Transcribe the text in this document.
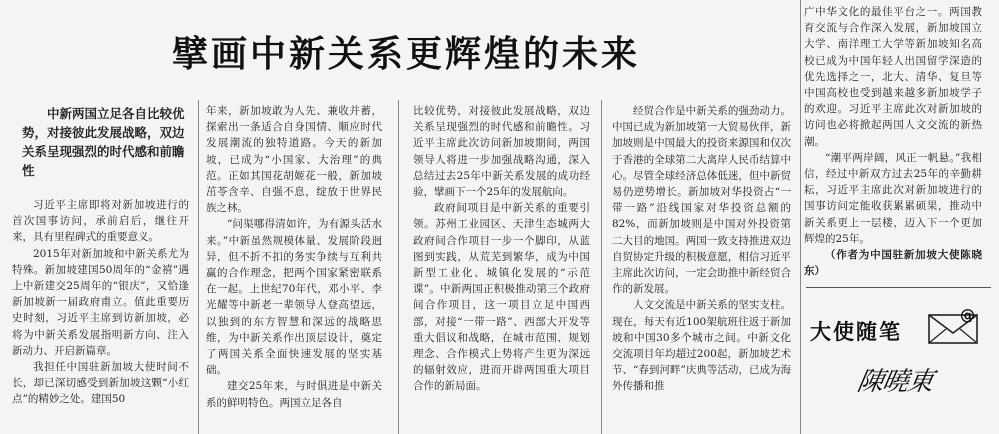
擘画中新关系更辉煌的未来
中新两国立足各自比较优势，对接彼此发展战略，双边关系呈现强烈的时代感和前瞻性

习近平主席即将对新加坡进行的首次国事访问，承前启后，继往开来，具有里程碑式的重要意义。

2015年对新加坡和中新关系尤为特殊。新加坡建国50周年的“金禧”遇上中新建交25周年的“银庆”，又恰逢新加坡新一届政府甫立。值此重要历史时刻，习近平主席到访新加坡，必将为中新关系发展指明新方向、注入新动力、开启新篇章。

我担任中国驻新加坡大使时间不长，却已深切感受到新加坡这颗“小红点”的精妙之处。建国50

年来，新加坡敢为人先、兼收并蓄，探索出一条适合自身国情、顺应时代发展潮流的独特道路。今天的新加坡，已成为“小国家、大治理”的典范。正如其国花胡姬花一般，新加坡茁苓含辛、自强不息，绽放于世界民族之林。

“问渠哪得清如许，为有源头活水来。”中新虽然规模体量、发展阶段迥异，但不折不扣的务实争续与互利共赢的合作理念，把两个国家紧密联系在一起。上世纪70年代，邓小平、李光耀等中新老一辈领导人登高望远，以独到的东方智慧和深远的战略思维，为中新关系作出顶层设计，奠定了两国关系全面快速发展的坚实基础。

建交25年来，与时俱进是中新关系的鲜明特色。两国立足各自

比较优势，对接彼此发展战略，双边关系呈现强烈的时代感和前瞻性。习近平主席此次访问新加坡期间，两国领导人将进一步加强战略沟通，深入总结过去25年中新关系发展的成功经验，擘画下一个25年的发展航向。

政府间项目是中新关系的重要引领。苏州工业园区、天津生态城两大政府间合作项目一步一个脚印，从蓝图到实践，从荒芜到繁华，成为中国新型工业化、城镇化发展的“示范谍”。中新两国正积极推动第三个政府间合作项目，这一项目立足中国西部，对接“一带一路”、西部大开发等重大倡议和战略，在城市范围、规划理念、合作模式上势将产生更为深远的辐射效应，进而开辟两国重大项目合作的新局面。

经贸合作是中新关系的强劲动力。中国已成为新加坡第一大贸易伙伴，新加坡则是中国最大的投资来源国和仅次于香港的全球第二大离岸人民币结算中心。尽管全球经济总体低迷，但中新贸易仍逆势增长。新加坡对华投资占“一带一路”沿线国家对华投资总额的82%，而新加坡则是中国对外投资第二大目的地国。两国一致支持推进双边自贸协定升级的积极意愿，相信习近平主席此次访问，一定会助推中新经贸合作的新发展。

人文交流是中新关系的坚实支柱。现在，每天有近100架航班往返于新加坡和中国30多个城市之间。中新文化交流项目年均超过200起，新加坡艺术节、“春到河畔”庆典等活动，已成为海外传播和推

广中华文化的最佳平台之一。两国教育交流与合作深入发展，新加坡国立大学、南洋理工大学等新加坡知名高校已成为中国年轻人出国留学深造的优先选择之一，北大、清华、复旦等中国高校也受到越来越多新加坡学子的欢迎。习近平主席此次对新加坡的访问也必将掀起两国人文交流的新热潮。

“潮平两岸阔，风正一帆悬。”我相信，经过中新双方过去25年的辛勤耕耘，习近平主席此次对新加坡进行的国事访问定能收获累累硕果，推动中新关系更上一层楼，迈入下一个更加辉煌的25年。

（作者为中国驻新加坡大使陈晓东）

大使随笔
@
陳曉東
